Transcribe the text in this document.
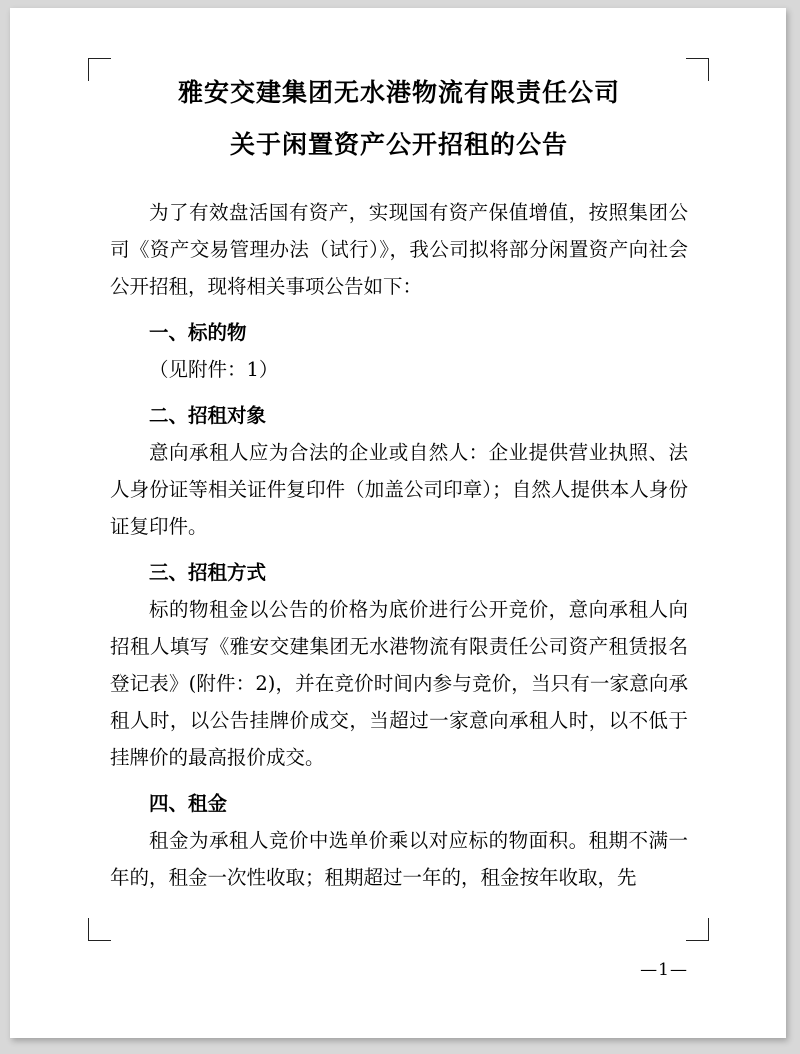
雅安交建集团无水港物流有限责任公司
关于闲置资产公开招租的公告

为了有效盘活国有资产，实现国有资产保值增值，按照集团公司《资产交易管理办法（试行）》，我公司拟将部分闲置资产向社会公开招租，现将相关事项公告如下：

一、标的物

（见附件：1）

二、招租对象

意向承租人应为合法的企业或自然人：企业提供营业执照、法人身份证等相关证件复印件（加盖公司印章）；自然人提供本人身份证复印件。

三、招租方式

标的物租金以公告的价格为底价进行公开竞价，意向承租人向招租人填写《雅安交建集团无水港物流有限责任公司资产租赁报名登记表》(附件：2)，并在竞价时间内参与竞价，当只有一家意向承租人时，以公告挂牌价成交，当超过一家意向承租人时，以不低于挂牌价的最高报价成交。

四、租金

租金为承租人竞价中选单价乘以对应标的物面积。租期不满一年的，租金一次性收取；租期超过一年的，租金按年收取，先

—1—
